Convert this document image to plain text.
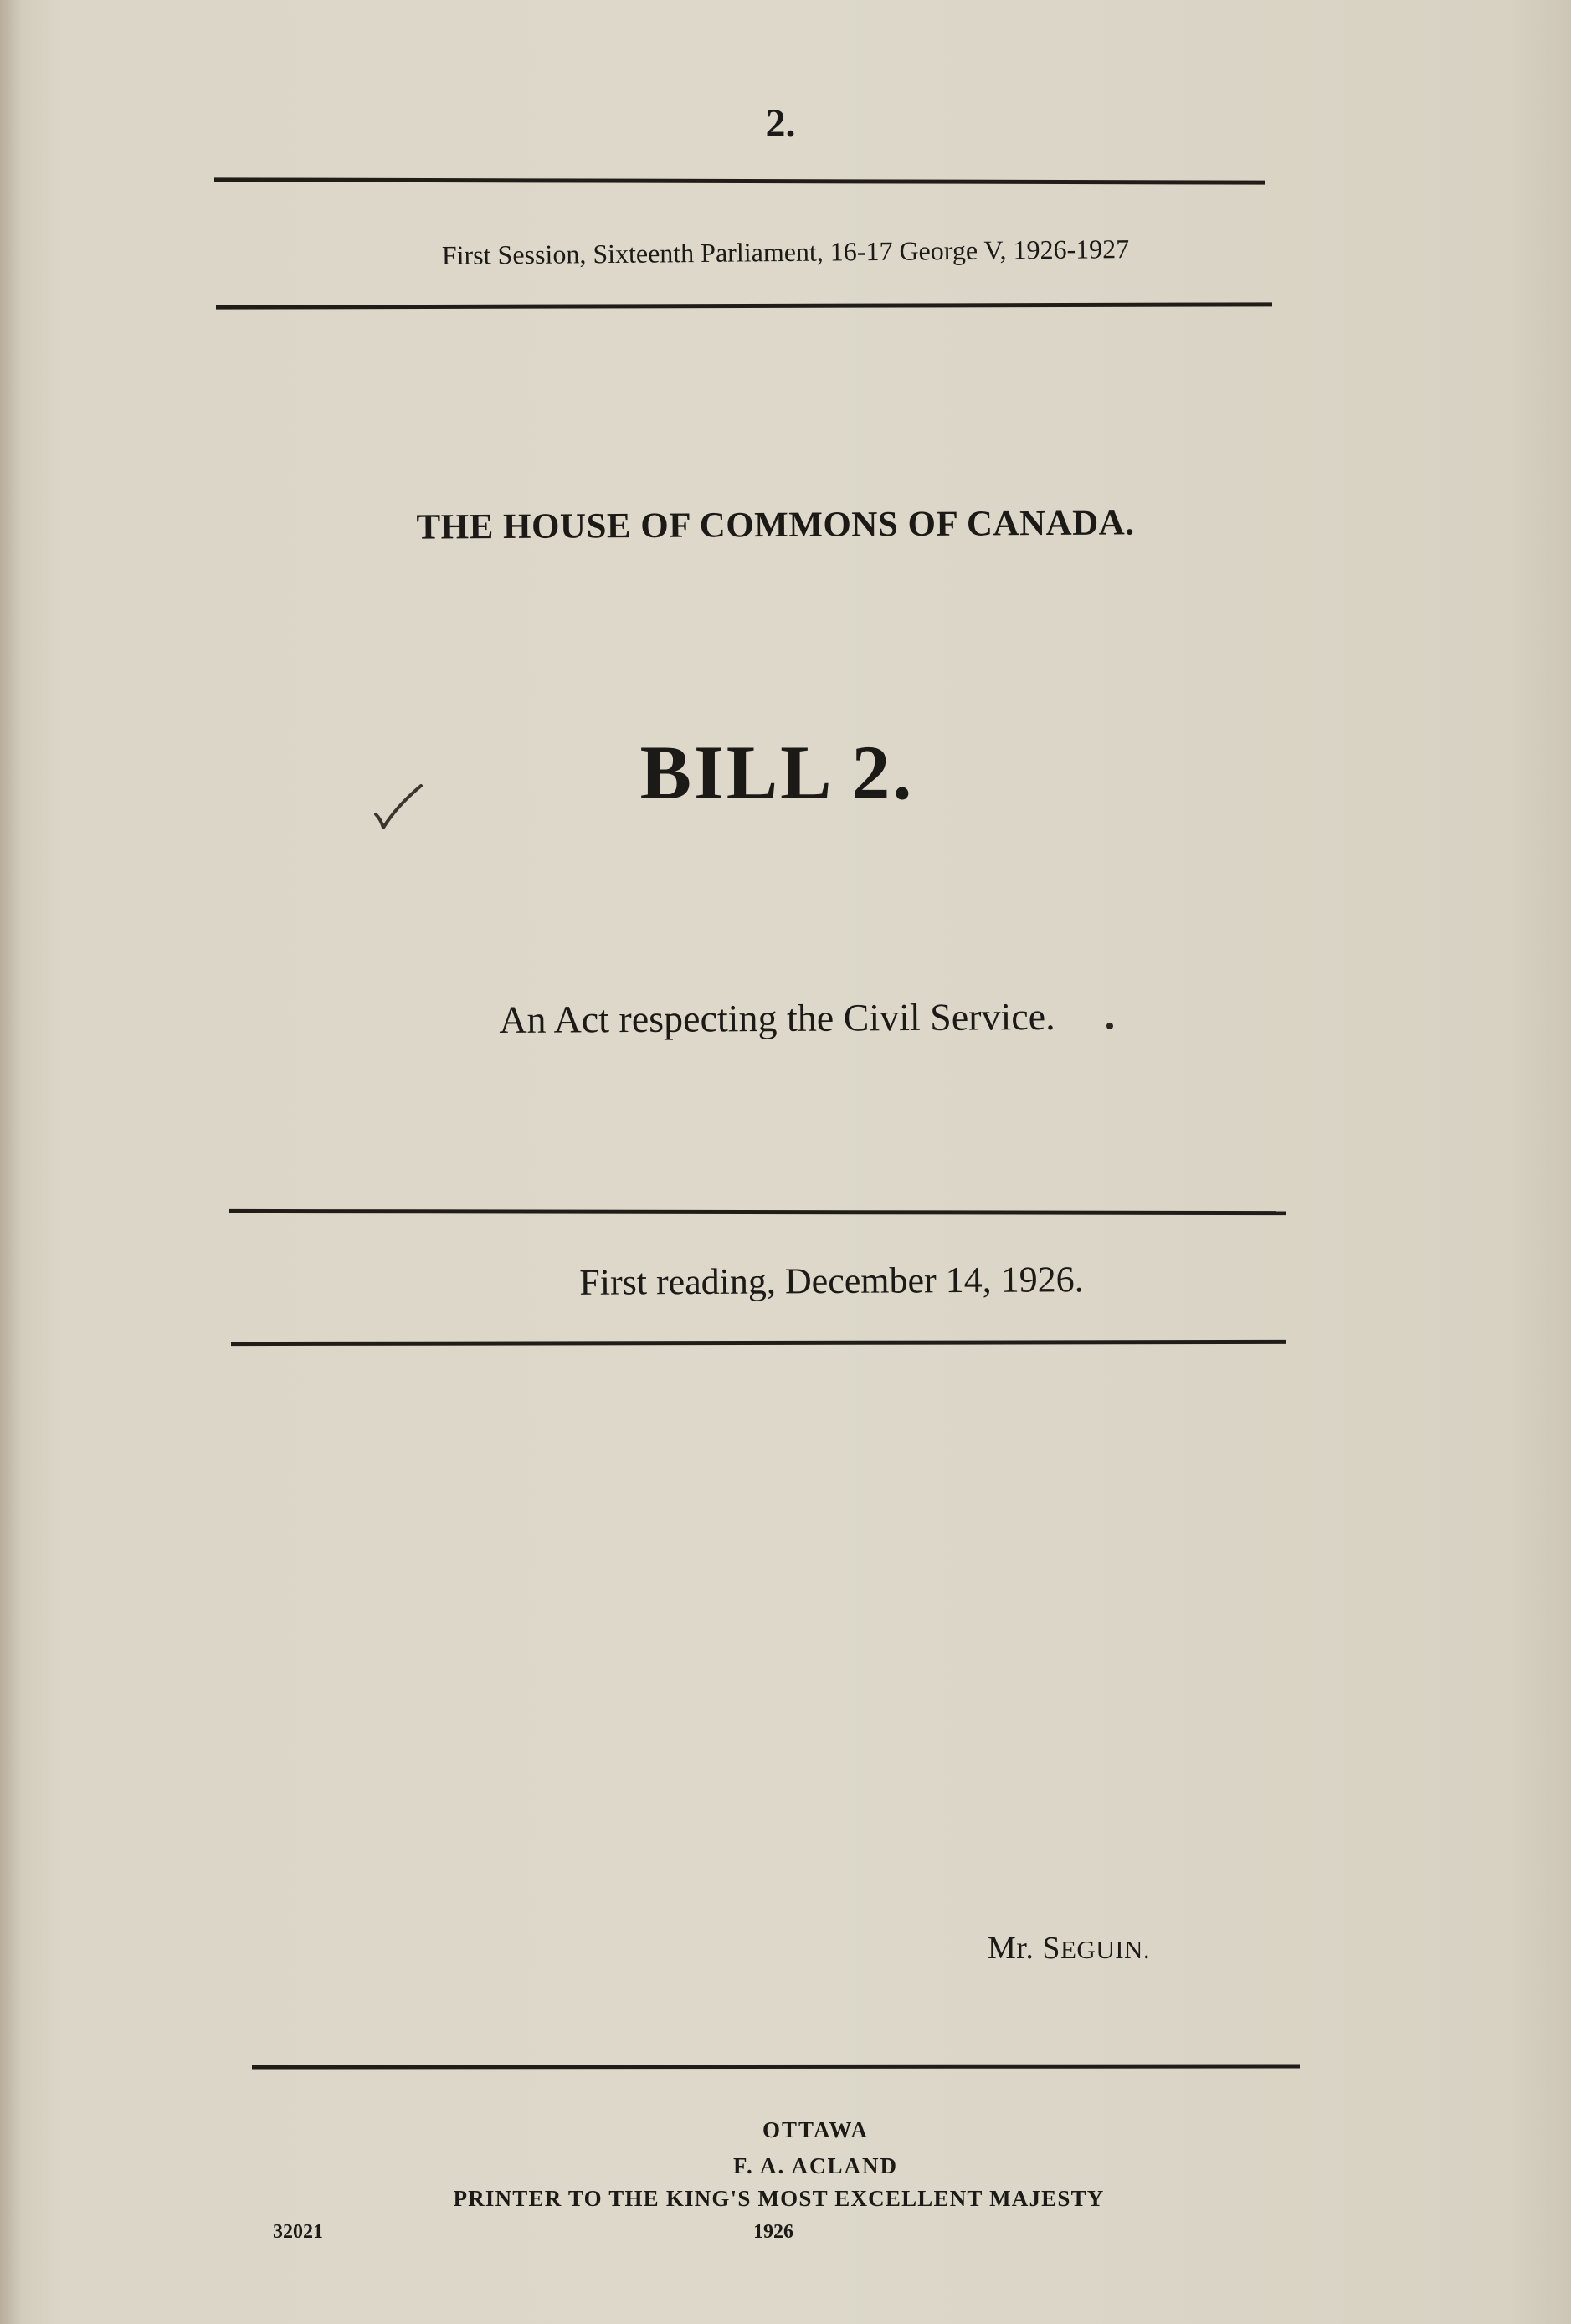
2.
First Session, Sixteenth Parliament, 16-17 George V, 1926-1927
THE HOUSE OF COMMONS OF CANADA.
BILL 2.
An Act respecting the Civil Service.
First reading, December 14, 1926.
Mr. SEGUIN.
OTTAWA
F. A. ACLAND
PRINTER TO THE KING'S MOST EXCELLENT MAJESTY
32021	1926
